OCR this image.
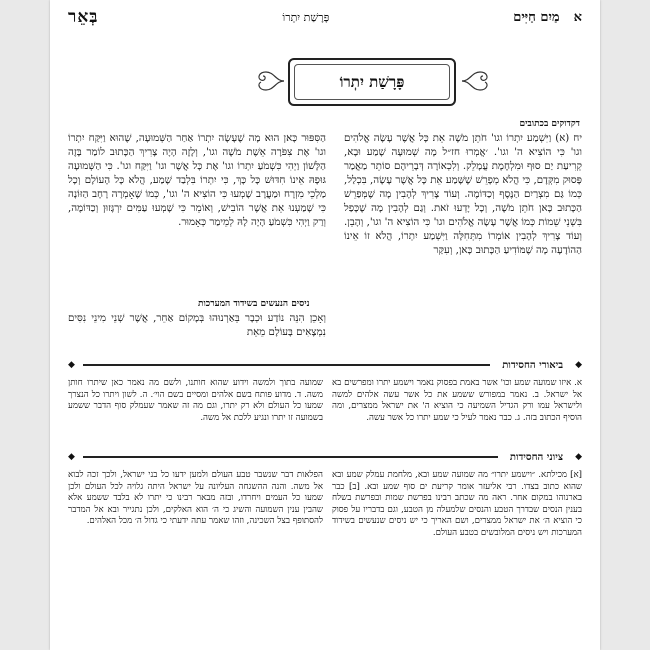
א
מַיִם חַיִּים
פָּרָשַׁת יִתְרוֹ
בְּאֵר
פָּרָשַׁת יִתְרוֹ
דקדוקים בכתובים
יח (א) וַיִּשְׁמַע יִתְרוֹ וגו' חֹתֵן מֹשֶׁה אֵת כָּל אֲשֶׁר עָשָׂה אֱלֹהִים וגו' כִּי הוֹצִיא ה' וגו'. ׳אֲמְרוּ חז״ל מָה שְׁמוּעָה שָׁמַע וּבָא, קְרִיעַת יַם סוּף וּמִלְחֶמֶת עֲמָלֵק. וְלִכְאוֹרָה דְּבָרֵיהֶם סוֹתֵר מַאֲמַר פָּסוּק מִקְּדָם, כִּי הֲלֹא מְפָרֵשׁ שֶׁשָּׁמַע אֵת כָּל אֲשֶׁר עָשָׂה, בִּכְלַל, כְּמוֹ גַּם מִצְרַיִם הַנֶּסֶף וְכַדּוֹמֶה. וְעוֹד צָרִיךְ לְהָבִין מָה שֶׁמְּפַרֵשׁ הַכָּתוּב כָּאן חֹתֵן מֹשֶׁה, וְכָל יָדְעוּ זֹאת. וְגַם לְהָבִין מָה שֶׁכָּפַל בִּשְׁנֵי שֵׁמוֹת כְּמוֹ אֲשֶׁר עָשָׂה אֱלֹהִים וגו' כִּי הוֹצִיא ה' וגו', וְהָבֵן. וְעוֹד צָרִיךְ לְהָבִין אוֹמְרוֹ מִתְּחִלָּה וַיִּשְׁמַע יִתְרוֹ, הֲלֹא זוֹ אֵינוֹ הַהוֹדָעָה מָה שֶׁמּוֹדִיעַ הַכָּתוּב כָּאן, וְעִקַּר
הַסִּפּוּר כָּאן הוּא מָה שֶׁעָשָׂה יִתְרוֹ אַחַר הַשְּׁמוּעָה, שֶׁהוּא וַיִּקַּח יִתְרוֹ וגו' אֶת צִפֹּרָה אֵשֶׁת מֹשֶׁה וגו', וְלָזֶה הָיָה צָרִיךְ הַכָּתוּב לוֹמַר בָּזֶה הַלָּשׁוֹן וַיְהִי כִּשְׁמֹעַ יִתְרוֹ וגו' אֶת כָּל אֲשֶׁר וגו' וַיִּקַּח וגו'. כִּי הַשְּׁמוּעָה גּוּפָהּ אֵינוֹ חִדּוּשׁ כָּל כָּךְ, כִּי יִתְרוֹ בִּלְבַד שָׁמַע, הֲלֹא כָּל הָעוֹלָם וְכָל מַלְכֵי מִזְרָח וּמַעֲרָב שָׁמְעוּ כִּי הוֹצִיא ה' וגו', כְּמוֹ שֶׁאָמְרָה רָחָב הַזּוֹנָה כִּי שָׁמַעְנוּ אֵת אֲשֶׁר הוֹבִישׁ, וְאוֹמֵר כִּי שָׁמְעוּ עַמִּים יִרְגָּזוּן וְכַדּוֹמֶה, וְרַק וַיְהִי כִּשְׁמֹעַ הָיָה לָהּ לְמֵימַר כְּאָמוּר.
ניסים הנעשים בשידוד המערכות
וְאָכֵן הִנֵּה נוֹדַע וּכְבָר בֵּאַרְנוּהוּ בְּמָקוֹם אַחֵר, אֲשֶׁר שְׁנֵי מִינֵי נִסִּים נִמְצָאִים בָּעוֹלָם מֵאֵת
◆
ביאורי החסידות
◆
א. איזו שמועה שמע וכו' אשר באמת בפסוק נאמר וישמע יתרו ומפרשים בא אל ישראל. ב. נאמר במפורש ששמע את כל אשר עשה אלהים למשה ולישראל עמו ורק הגדיל השמיעה כי הוציא ה' את ישראל ממצרים, ומה הוסיף הכתוב בזה. ג. כבר נאמר לעיל כי שמע יתרו כל אשר עשה.
שמועה בתוך ולמשה וידוע שהוא חותנו, ולשם מה נאמר כאן שיתרו חותן משה. ד. מדוע פותח בשם אלהים ומסיים בשם הוי׳. ה. לשון ויתרו כל הנצרך שמעו כל העולם ולא רק יתרו, וגם מה זה שאמר שעמלק סוף הדבר ששמע בשמועה זו יתרו ונגיע ללכת אל משה.
◆
ציוני החסידות
◆
[א] מכילתא. ״וישמע יתרו״ מה שמועה שמע ובא, מלחמת עמלק שמע ובא שהוא כתוב בצדו. רבי אליעזר אומר קריעת ים סוף שמע ובא. [ב] כבר בארנוהו במקום אחר. ראה מה שכתב רבינו בפרשת שמות ובפרשת בשלח בענין הנסים שבדרך הטבע והנסים שלמעלה מן הטבע, וגם בדבריו על פסוק כי הוציא ה׳ את ישראל ממצרים, ושם האריך כי יש ניסים שנעשים בשידוד המערכות ויש ניסים המלובשים בטבע העולם.
הפלאות דבר שנשבר טבע העולם ולמען ידעו כל בני ישראל, ולכך זכה לבוא אל משה. והנה ההשגחה העליונה על ישראל היתה גלויה לכל העולם ולכן שמעו כל העמים ויחרדו, ובזה מבאר רבינו כי יתרו לא בלבד ששמע אלא שהבין ענין השמועה והשיג כי ה׳ הוא האלקים, ולכן נתגייר ובא אל המדבר להסתופף בצל השכינה, וזהו שאמר עתה ידעתי כי גדול ה׳ מכל האלהים.
